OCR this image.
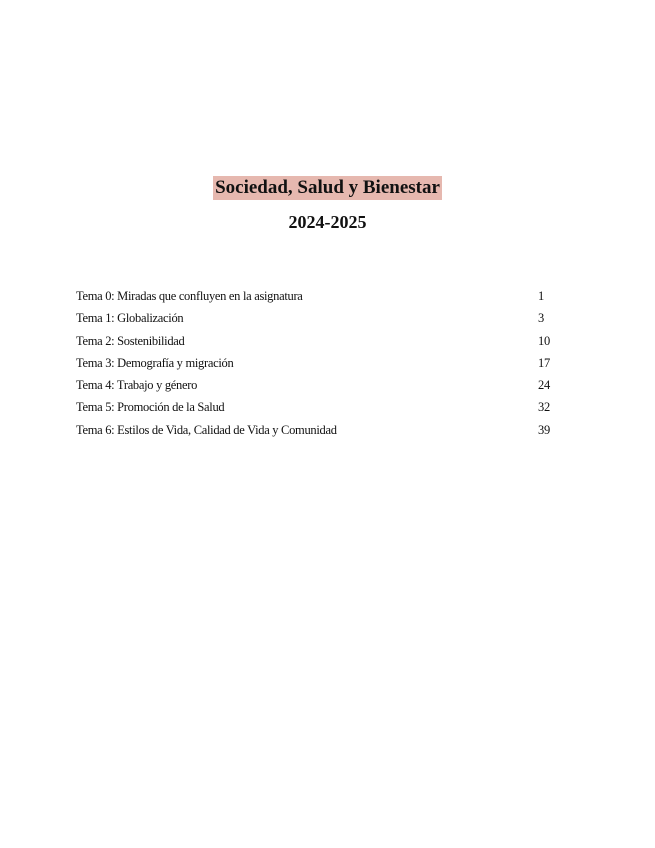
Sociedad, Salud y Bienestar
2024-2025
Tema 0: Miradas que confluyen en la asignatura	1
Tema 1: Globalización	3
Tema 2: Sostenibilidad	10
Tema 3: Demografía y migración	17
Tema 4: Trabajo y género	24
Tema 5: Promoción de la Salud	32
Tema 6: Estilos de Vida, Calidad de Vida y Comunidad	39
